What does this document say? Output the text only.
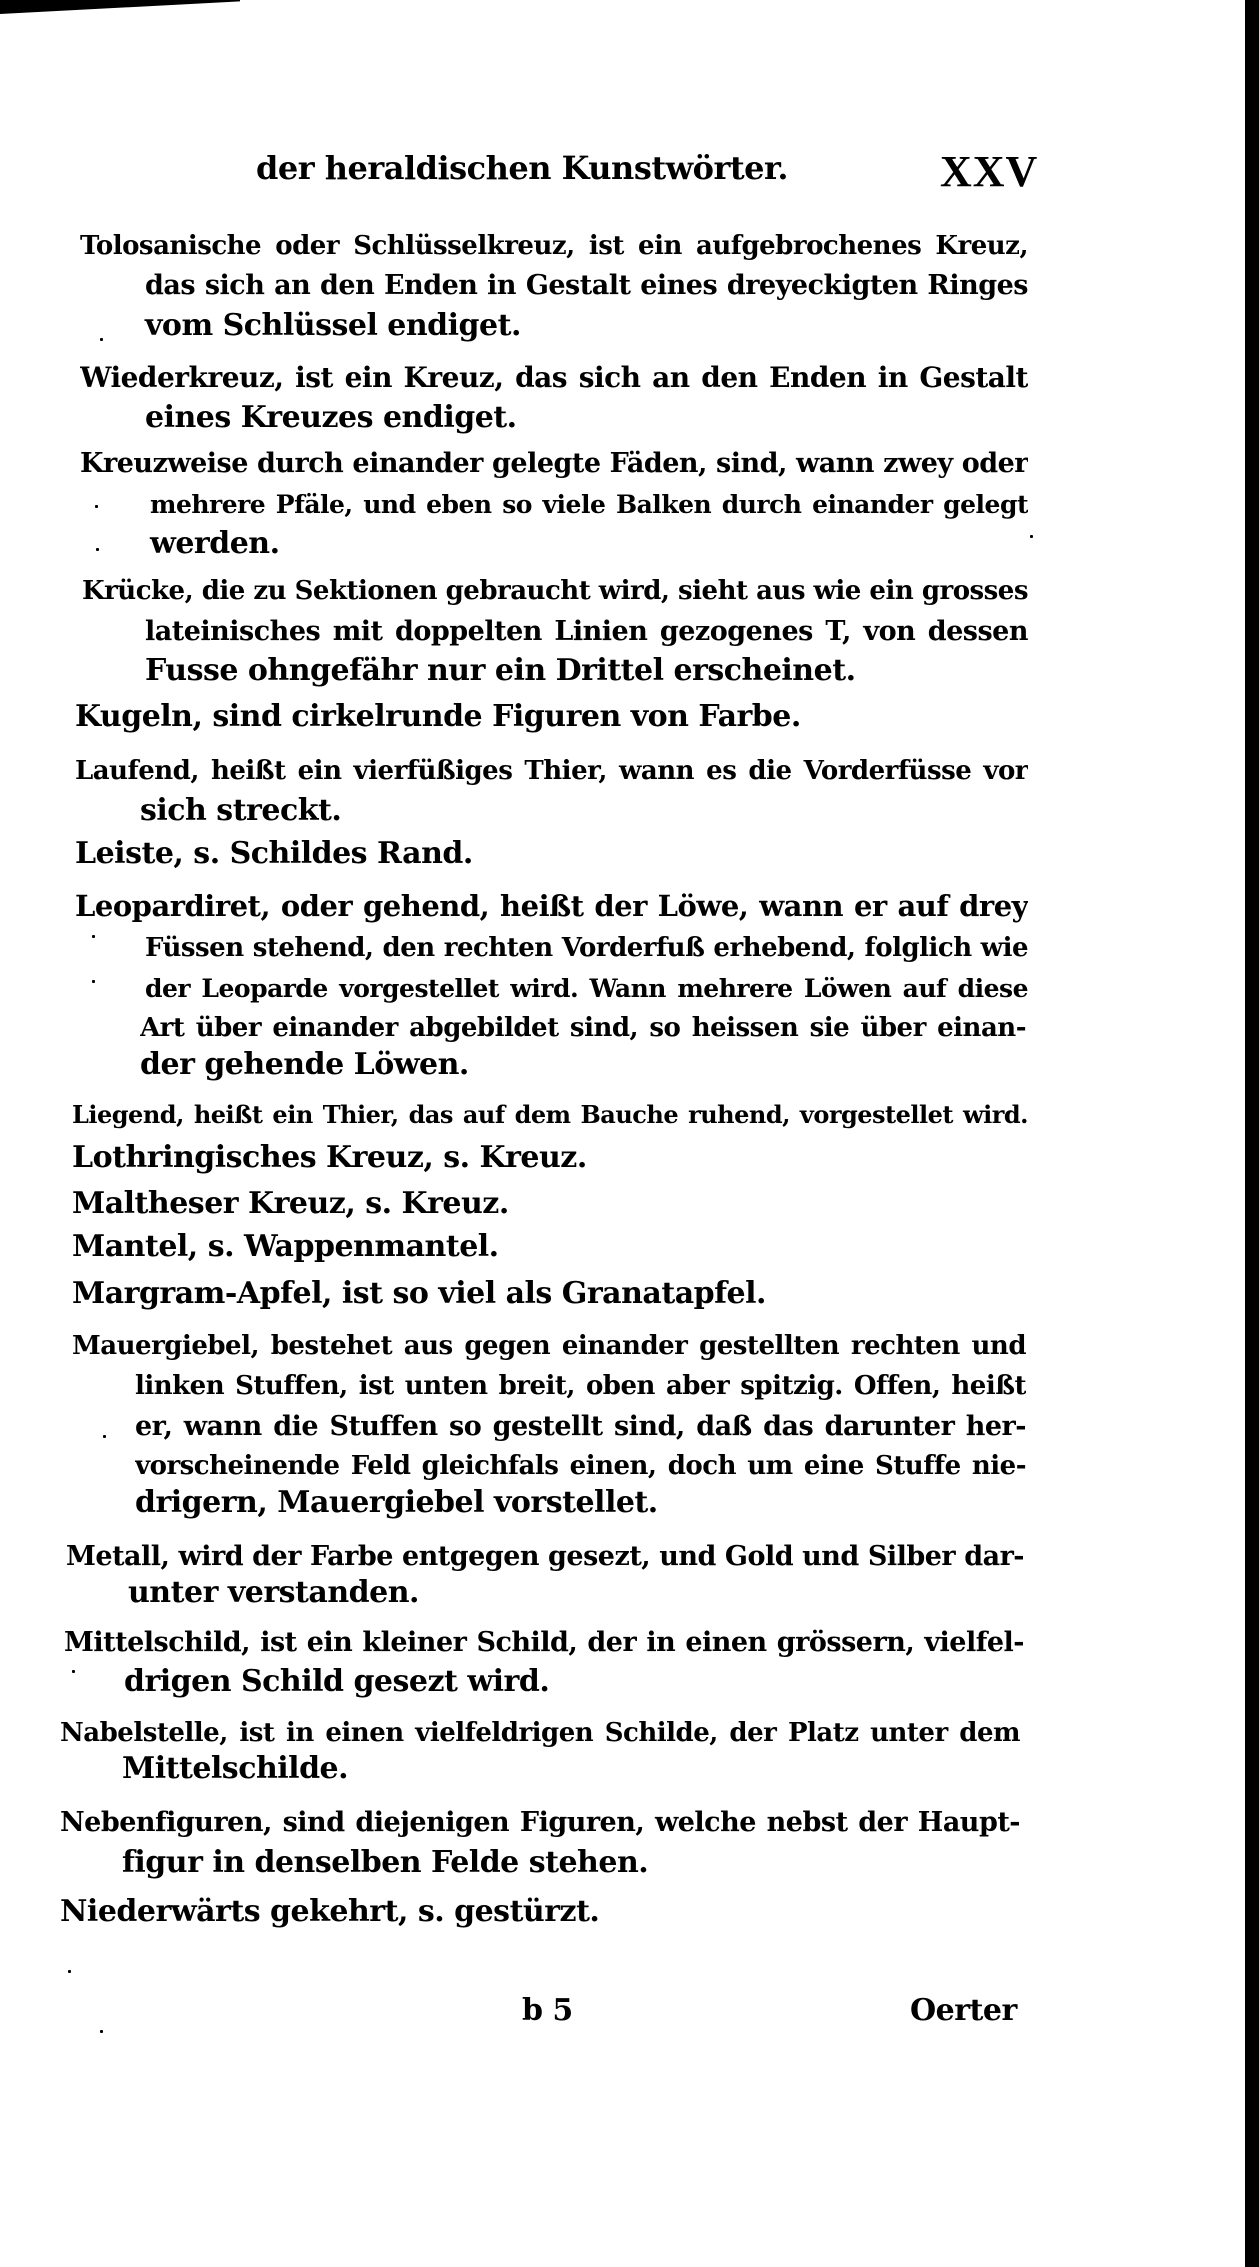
der heraldischen Kunstwörter.	XXV
Tolosanische oder Schlüsselkreuz, ist ein aufgebrochenes Kreuz,
das sich an den Enden in Gestalt eines dreyeckigten Ringes
vom Schlüssel endiget.
Wiederkreuz, ist ein Kreuz, das sich an den Enden in Gestalt
eines Kreuzes endiget.
Kreuzweise durch einander gelegte Fäden, sind, wann zwey oder
mehrere Pfäle, und eben so viele Balken durch einander gelegt
werden.
Krücke, die zu Sektionen gebraucht wird, sieht aus wie ein grosses
lateinisches mit doppelten Linien gezogenes T, von dessen
Fusse ohngefähr nur ein Drittel erscheinet.
Kugeln, sind cirkelrunde Figuren von Farbe.
Laufend, heißt ein vierfüßiges Thier, wann es die Vorderfüsse vor
sich streckt.
Leiste, s. Schildes Rand.
Leopardiret, oder gehend, heißt der Löwe, wann er auf drey
Füssen stehend, den rechten Vorderfuß erhebend, folglich wie
der Leoparde vorgestellet wird. Wann mehrere Löwen auf diese
Art über einander abgebildet sind, so heissen sie über einan-
der gehende Löwen.
Liegend, heißt ein Thier, das auf dem Bauche ruhend, vorgestellet wird.
Lothringisches Kreuz, s. Kreuz.
Maltheser Kreuz, s. Kreuz.
Mantel, s. Wappenmantel.
Margram-Apfel, ist so viel als Granatapfel.
Mauergiebel, bestehet aus gegen einander gestellten rechten und
linken Stuffen, ist unten breit, oben aber spitzig. Offen, heißt
er, wann die Stuffen so gestellt sind, daß das darunter her-
vorscheinende Feld gleichfals einen, doch um eine Stuffe nie-
drigern, Mauergiebel vorstellet.
Metall, wird der Farbe entgegen gesezt, und Gold und Silber dar-
unter verstanden.
Mittelschild, ist ein kleiner Schild, der in einen grössern, vielfel-
drigen Schild gesezt wird.
Nabelstelle, ist in einen vielfeldrigen Schilde, der Platz unter dem
Mittelschilde.
Nebenfiguren, sind diejenigen Figuren, welche nebst der Haupt-
figur in denselben Felde stehen.
Niederwärts gekehrt, s. gestürzt.
b 5	Oerter
